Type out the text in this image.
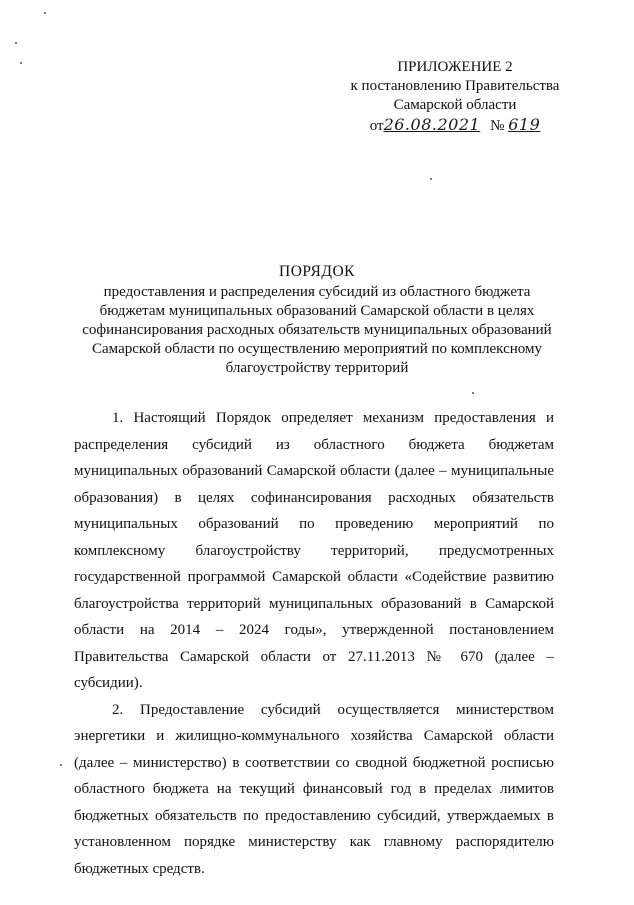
ПРИЛОЖЕНИЕ 2
к постановлению Правительства
Самарской области
от26.08.2021 № 619
ПОРЯДОК
предоставления и распределения субсидий из областного бюджета
бюджетам муниципальных образований Самарской области в целях
софинансирования расходных обязательств муниципальных образований
Самарской области по осуществлению мероприятий по комплексному
благоустройству территорий

1. Настоящий Порядок определяет механизм предоставления и распределения субсидий из областного бюджета бюджетам муниципальных образований Самарской области (далее – муниципальные образования) в целях софинансирования расходных обязательств муниципальных образований по проведению мероприятий по комплексному благоустройству территорий, предусмотренных государственной программой Самарской области «Содействие развитию благоустройства территорий муниципальных образований в Самарской области на 2014 – 2024 годы», утвержденной постановлением Правительства Самарской области от 27.11.2013 № 670 (далее – субсидии).

2. Предоставление субсидий осуществляется министерством энергетики и жилищно-коммунального хозяйства Самарской области (далее – министерство) в соответствии со сводной бюджетной росписью областного бюджета на текущий финансовый год в пределах лимитов бюджетных обязательств по предоставлению субсидий, утверждаемых в установленном порядке министерству как главному распорядителю бюджетных средств.
